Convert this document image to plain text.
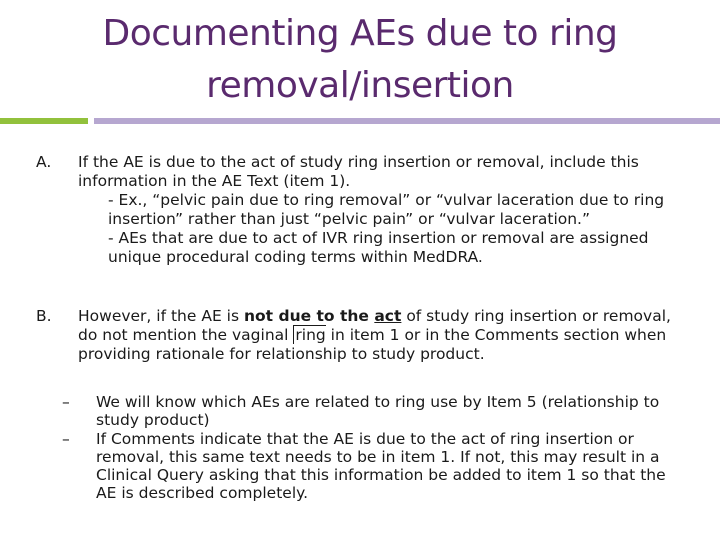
Documenting AEs due to ring
removal/insertion
A. If the AE is due to the act of study ring insertion or removal, include this information in the AE Text (item 1).
- Ex., “pelvic pain due to ring removal” or “vulvar laceration due to ring insertion” rather than just “pelvic pain” or “vulvar laceration.”
- AEs that are due to act of IVR ring insertion or removal are assigned unique procedural coding terms within MedDRA.
B. However, if the AE is not due to the act of study ring insertion or removal, do not mention the vaginal ring in item 1 or in the Comments section when providing rationale for relationship to study product.
– We will know which AEs are related to ring use by Item 5 (relationship to study product)
– If Comments indicate that the AE is due to the act of ring insertion or removal, this same text needs to be in item 1. If not, this may result in a Clinical Query asking that this information be added to item 1 so that the AE is described completely.
